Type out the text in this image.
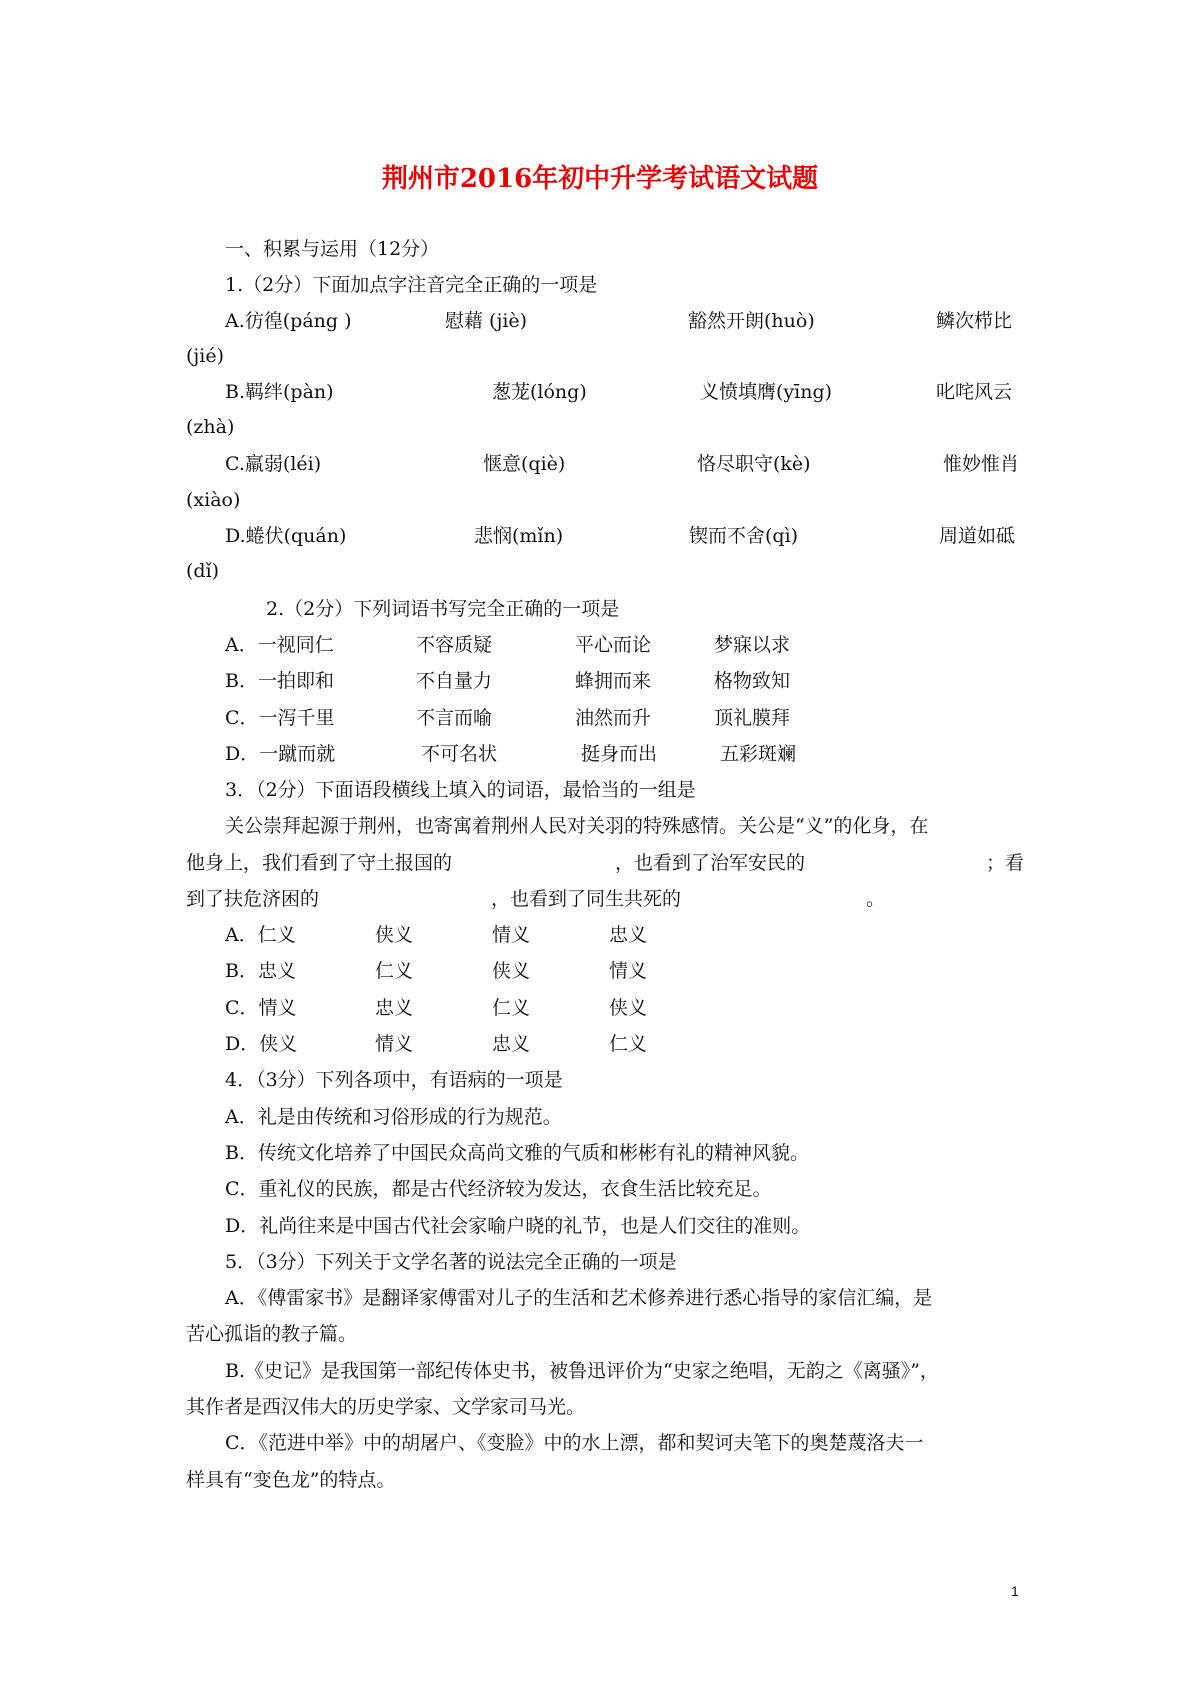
荆州市2016年初中升学考试语文试题
一、积累与运用（12分）
1.（2分）下面加点字注音完全正确的一项是
A.彷徨(páng )	慰藉 (jiè)	豁然开朗(huò)	鳞次栉比
(jié)
B.羁绊(pàn)	葱茏(lóng)	义愤填膺(yīng)	叱咤风云
(zhà)
C.羸弱(léi)	惬意(qiè)	恪尽职守(kè)	惟妙惟肖
(xiào)
D.蜷伏(quán)	悲悯(mǐn)	锲而不舍(qì)	周道如砥
(dǐ)
2.（2分）下列词语书写完全正确的一项是
A．一视同仁	不容质疑	平心而论	梦寐以求
B．一拍即和	不自量力	蜂拥而来	格物致知
C．一泻千里	不言而喻	油然而升	顶礼膜拜
D．一蹴而就	不可名状	挺身而出	五彩斑斓
3．（2分）下面语段横线上填入的词语，最恰当的一组是
关公崇拜起源于荆州，也寄寓着荆州人民对关羽的特殊感情。关公是“义”的化身，在
他身上，我们看到了守土报国的	，也看到了治军安民的	；看
到了扶危济困的	，也看到了同生共死的	。
A．仁义	侠义	情义	忠义
B．忠义	仁义	侠义	情义
C．情义	忠义	仁义	侠义
D．侠义	情义	忠义	仁义
4．（3分）下列各项中，有语病的一项是
A．礼是由传统和习俗形成的行为规范。
B．传统文化培养了中国民众高尚文雅的气质和彬彬有礼的精神风貌。
C．重礼仪的民族，都是古代经济较为发达，衣食生活比较充足。
D．礼尚往来是中国古代社会家喻户晓的礼节，也是人们交往的准则。
5．（3分）下列关于文学名著的说法完全正确的一项是
A．《傅雷家书》是翻译家傅雷对儿子的生活和艺术修养进行悉心指导的家信汇编，是
苦心孤诣的教子篇。
B.《史记》是我国第一部纪传体史书，被鲁迅评价为“史家之绝唱，无韵之《离骚》”，
其作者是西汉伟大的历史学家、文学家司马光。
C．《范进中举》中的胡屠户、《变脸》中的水上漂，都和契诃夫笔下的奥楚蔑洛夫一
样具有“变色龙”的特点。
1
